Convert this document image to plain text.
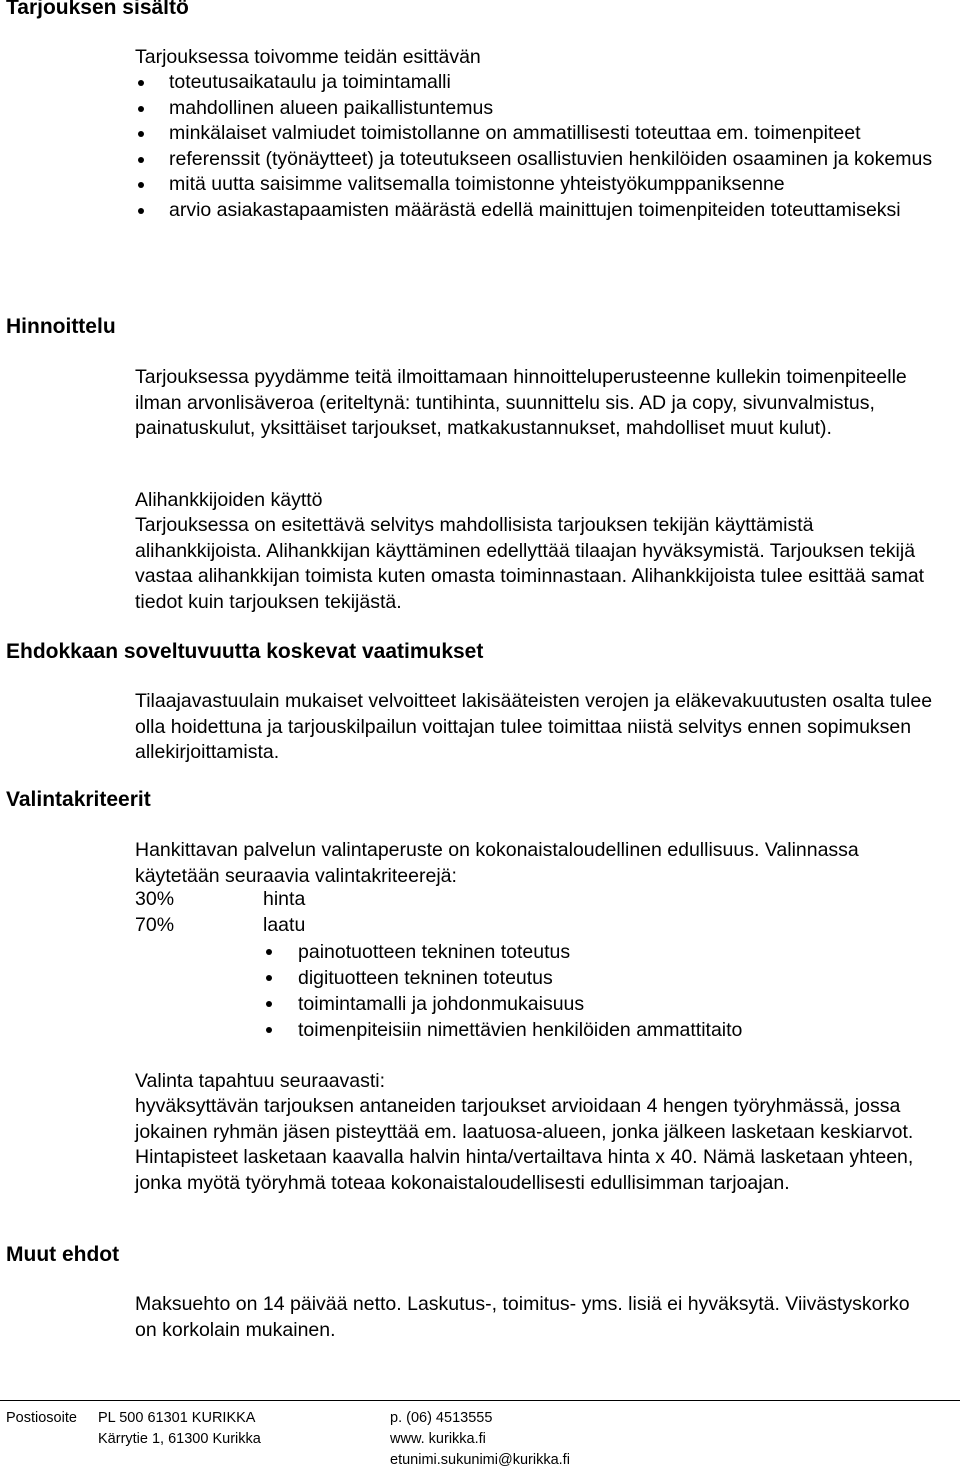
Tarjouksen sisältö
Tarjouksessa toivomme teidän esittävän
toteutusaikataulu ja toimintamalli
mahdollinen alueen paikallistuntemus
minkälaiset valmiudet toimistollanne on ammatillisesti toteuttaa em. toimenpiteet
referenssit (työnäytteet) ja toteutukseen osallistuvien henkilöiden osaaminen ja kokemus
mitä uutta saisimme valitsemalla toimistonne yhteistyökumppaniksenne
arvio asiakastapaamisten määrästä edellä mainittujen toimenpiteiden toteuttamiseksi
Hinnoittelu
Tarjouksessa pyydämme teitä ilmoittamaan hinnoitteluperusteenne kullekin toimenpiteelle ilman arvonlisäveroa (eriteltynä: tuntihinta, suunnittelu sis. AD ja copy, sivunvalmistus, painatuskulut, yksittäiset tarjoukset, matkakustannukset, mahdolliset muut kulut).
Alihankkijoiden käyttö
Tarjouksessa on esitettävä selvitys mahdollisista tarjouksen tekijän käyttämistä alihankkijoista. Alihankkijan käyttäminen edellyttää tilaajan hyväksymistä. Tarjouksen tekijä vastaa alihankkijan toimista kuten omasta toiminnastaan. Alihankkijoista tulee esittää samat tiedot kuin tarjouksen tekijästä.
Ehdokkaan soveltuvuutta koskevat vaatimukset
Tilaajavastuulain mukaiset velvoitteet lakisääteisten verojen ja eläkevakuutusten osalta tulee olla hoidettuna ja tarjouskilpailun voittajan tulee toimittaa niistä selvitys ennen sopimuksen allekirjoittamista.
Valintakriteerit
Hankittavan palvelun valintaperuste on kokonaistaloudellinen edullisuus. Valinnassa käytetään seuraavia valintakriteerejä:
30%	hinta
70%	laatu
painotuotteen tekninen toteutus
digituotteen tekninen toteutus
toimintamalli ja johdonmukaisuus
toimenpiteisiin nimettävien henkilöiden ammattitaito
Valinta tapahtuu seuraavasti:
hyväksyttävän tarjouksen antaneiden tarjoukset arvioidaan 4 hengen työryhmässä, jossa jokainen ryhmän jäsen pisteyttää em. laatuosa-alueen, jonka jälkeen lasketaan keskiarvot. Hintapisteet lasketaan kaavalla halvin hinta/vertailtava hinta x 40. Nämä lasketaan yhteen, jonka myötä työryhmä toteaa kokonaistaloudellisesti edullisimman tarjoajan.
Muut ehdot
Maksuehto on 14 päivää netto. Laskutus-, toimitus- yms. lisiä ei hyväksytä. Viivästyskorko on korkolain mukainen.
Postiosoite PL 500 61301 KURIKKA
Kärrytie 1, 61300 Kurikka
p. (06) 4513555
www. kurikka.fi
etunimi.sukunimi@kurikka.fi
